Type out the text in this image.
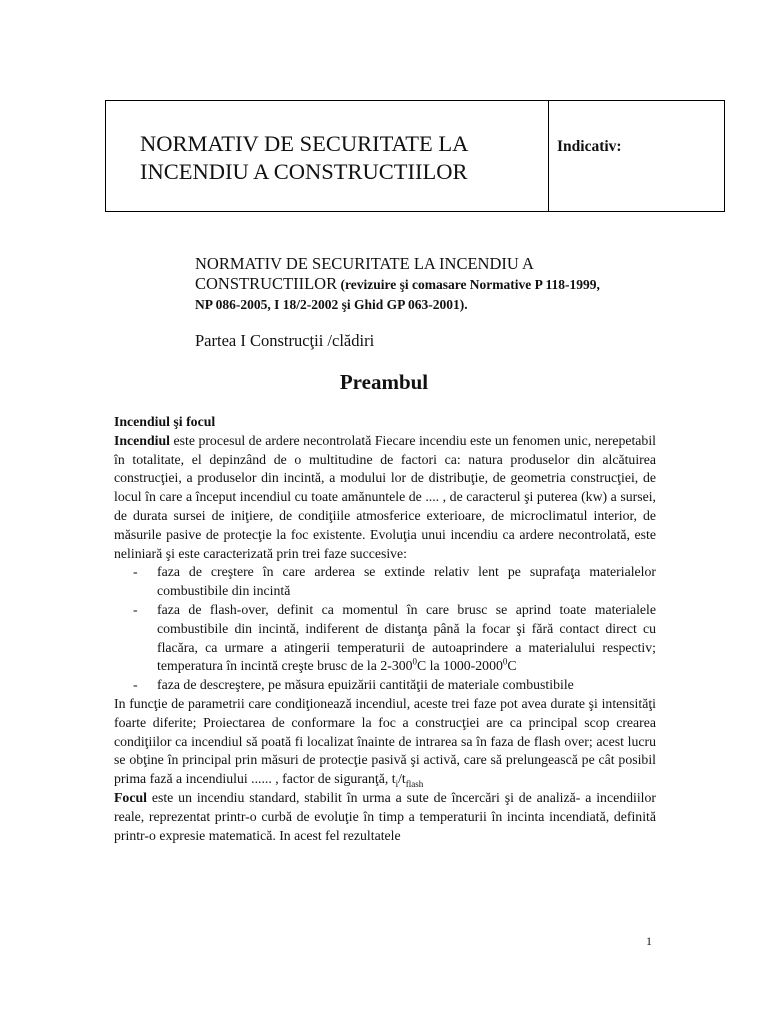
NORMATIV DE SECURITATE LA
INCENDIU A CONSTRUCTIILOR
Indicativ:
NORMATIV DE SECURITATE LA INCENDIU A
CONSTRUCTIILOR (revizuire şi comasare Normative P 118-1999,
NP 086-2005, I 18/2-2002 şi Ghid GP 063-2001).
Partea I Construcţii /clădiri
Preambul

Incendiul şi focul

Incendiul este procesul de ardere necontrolată Fiecare incendiu este un fenomen unic, nerepetabil în totalitate, el depinzând de o multitudine de factori ca: natura produselor din alcătuirea construcţiei, a produselor din incintă, a modului lor de distribuţie, de geometria construcţiei, de locul în care a început incendiul cu toate amănuntele de .... , de caracterul şi puterea (kw) a sursei, de durata sursei de iniţiere, de condiţiile atmosferice exterioare, de microclimatul interior, de măsurile pasive de protecţie la foc existente. Evoluţia unui incendiu ca ardere necontrolată, este neliniară şi este caracterizată prin trei faze succesive:

- faza de creştere în care arderea se extinde relativ lent pe suprafaţa materialelor combustibile din incintă
- faza de flash-over, definit ca momentul în care brusc se aprind toate materialele combustibile din incintă, indiferent de distanţa până la focar şi fără contact direct cu flacăra, ca urmare a atingerii temperaturii de autoaprindere a materialului respectiv; temperatura în incintă creşte brusc de la $2-300^0C$ la 1000-2000$^0$C
- faza de descreştere, pe măsura epuizării cantităţii de materiale combustibile

In funcţie de parametrii care condiţionează incendiul, aceste trei faze pot avea durate şi intensităţi foarte diferite; Proiectarea de conformare la foc a construcţiei are ca principal scop crearea condiţiilor ca incendiul să poată fi localizat înainte de intrarea sa în faza de flash over; acest lucru se obţine în principal prin măsuri de protecţie pasivă şi activă, care să prelungească pe cât posibil prima fază a incendiului ...... , factor de siguranţă, $t_i/t_{flash}$

Focul este un incendiu standard, stabilit în urma a sute de încercări şi de analiză- a incendiilor reale, reprezentat printr-o curbă de evoluţie în timp a temperaturii în incinta incendiată, definită printr-o expresie matematică. In acest fel rezultatele

1
